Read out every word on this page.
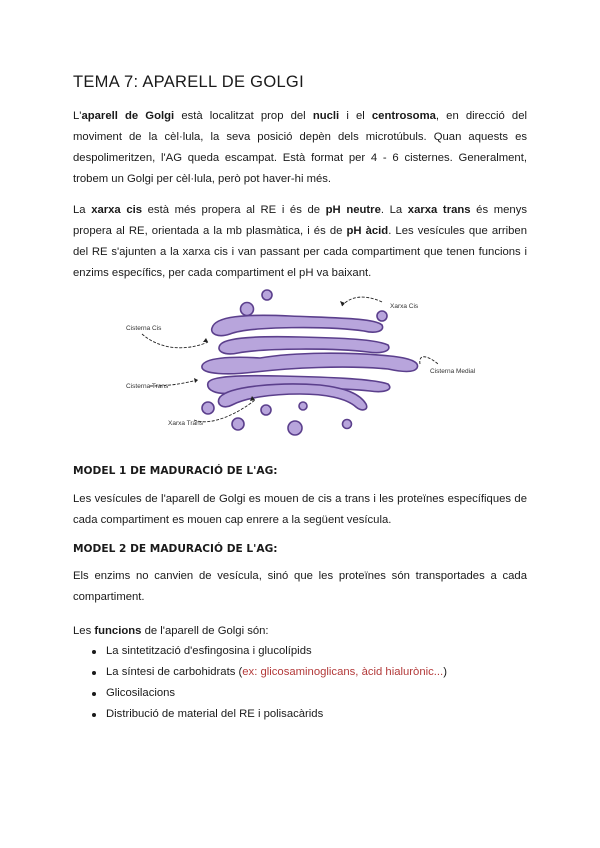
TEMA 7: APARELL DE GOLGI

L'aparell de Golgi està localitzat prop del nucli i el centrosoma, en direcció del moviment de la cèl·lula, la seva posició depèn dels microtúbuls. Quan aquests es despolimeritzen, l'AG queda escampat. Està format per 4 - 6 cisternes. Generalment, trobem un Golgi per cèl·lula, però pot haver-hi més.

La xarxa cis està més propera al RE i és de pH neutre. La xarxa trans és menys propera al RE, orientada a la mb plasmàtica, i és de pH àcid. Les vesícules que arriben del RE s'ajunten a la xarxa cis i van passant per cada compartiment que tenen funcions i enzims específics, per cada compartiment el pH va baixant.

Xarxa Cis
Cisterna Cis
Cisterna Medial
Cisterna Trans
Xarxa Trans

MODEL 1 DE MADURACIÓ DE L'AG:

Les vesícules de l'aparell de Golgi es mouen de cis a trans i les proteïnes específiques de cada compartiment es mouen cap enrere a la següent vesícula.

MODEL 2 DE MADURACIÓ DE L'AG:

Els enzims no canvien de vesícula, sinó que les proteïnes són transportades a cada compartiment.

Les funcions de l'aparell de Golgi són:

La sintetització d'esfingosina i glucolípids
La síntesi de carbohidrats (ex: glicosaminoglicans, àcid hialurònic...)
Glicosilacions
Distribució de material del RE i polisacàrids
